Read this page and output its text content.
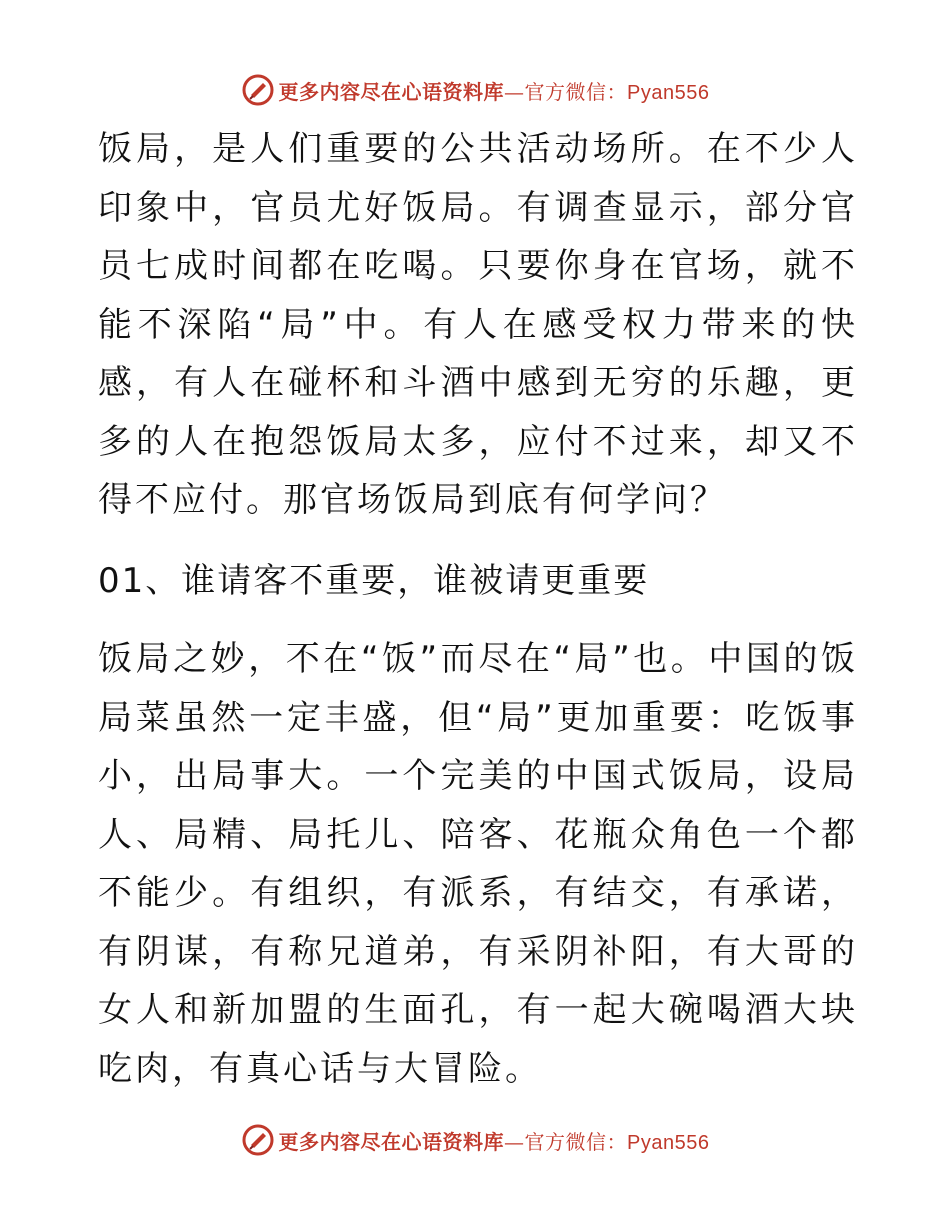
更多内容尽在心语资料库—官方微信：Pyan556

饭局，是人们重要的公共活动场所。在不少人印象中，官员尤好饭局。有调查显示，部分官员七成时间都在吃喝。只要你身在官场，就不能不深陷“局”中。有人在感受权力带来的快感，有人在碰杯和斗酒中感到无穷的乐趣，更多的人在抱怨饭局太多，应付不过来，却又不得不应付。那官场饭局到底有何学问？

01、谁请客不重要，谁被请更重要

饭局之妙，不在“饭”而尽在“局”也。中国的饭局菜虽然一定丰盛，但“局”更加重要：吃饭事小，出局事大。一个完美的中国式饭局，设局人、局精、局托儿、陪客、花瓶众角色一个都不能少。有组织，有派系，有结交，有承诺，有阴谋，有称兄道弟，有采阴补阳，有大哥的女人和新加盟的生面孔，有一起大碗喝酒大块吃肉，有真心话与大冒险。

更多内容尽在心语资料库—官方微信：Pyan556
